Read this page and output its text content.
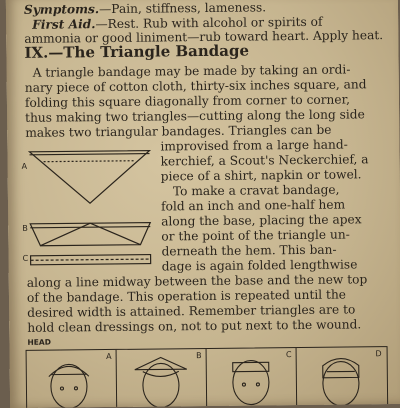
Symptoms.—Pain, stiffness, lameness.
First Aid.—Rest. Rub with alcohol or spirits of
ammonia or good liniment—rub toward heart. Apply heat.
IX.—The Triangle Bandage
A triangle bandage may be made by taking an ordi-
nary piece of cotton cloth, thirty-six inches square, and
folding this square diagonally from corner to corner,
thus making two triangles—cutting along the long side
makes two triangular bandages. Triangles can be
improvised from a large hand-
kerchief, a Scout's Neckerchief, a
piece of a shirt, napkin or towel.
To make a cravat bandage,
fold an inch and one-half hem
along the base, placing the apex
or the point of the triangle un-
derneath the hem. This ban-
dage is again folded lengthwise
along a line midway between the base and the new top
of the bandage. This operation is repeated until the
desired width is attained. Remember triangles are to
hold clean dressings on, not to put next to the wound.
A
B
C
HEAD
A	B	C	D
